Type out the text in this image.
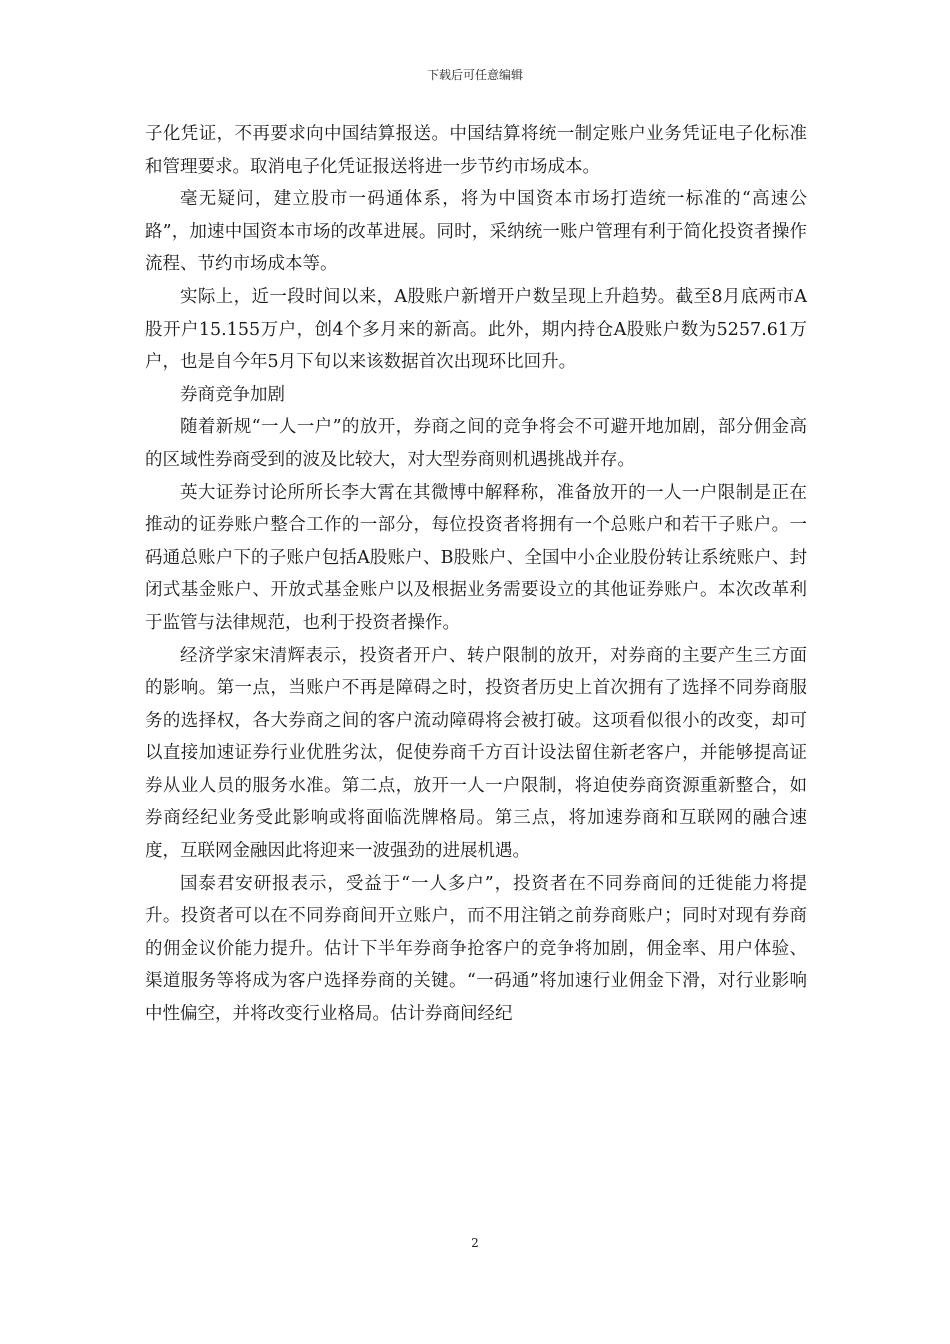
下载后可任意编辑

子化凭证，不再要求向中国结算报送。中国结算将统一制定账户业务凭证电子化标准和管理要求。取消电子化凭证报送将进一步节约市场成本。

毫无疑问，建立股市一码通体系，将为中国资本市场打造统一标准的“高速公路”，加速中国资本市场的改革进展。同时，采纳统一账户管理有利于简化投资者操作流程、节约市场成本等。

实际上，近一段时间以来，A股账户新增开户数呈现上升趋势。截至8月底两市A股开户15.155万户，创4个多月来的新高。此外，期内持仓A股账户数为5257.61万户，也是自今年5月下旬以来该数据首次出现环比回升。

券商竞争加剧

随着新规“一人一户”的放开，券商之间的竞争将会不可避开地加剧，部分佣金高的区域性券商受到的波及比较大，对大型券商则机遇挑战并存。

英大证券讨论所所长李大霄在其微博中解释称，准备放开的一人一户限制是正在推动的证券账户整合工作的一部分，每位投资者将拥有一个总账户和若干子账户。一码通总账户下的子账户包括A股账户、B股账户、全国中小企业股份转让系统账户、封闭式基金账户、开放式基金账户以及根据业务需要设立的其他证券账户。本次改革利于监管与法律规范，也利于投资者操作。

经济学家宋清辉表示，投资者开户、转户限制的放开，对券商的主要产生三方面的影响。第一点，当账户不再是障碍之时，投资者历史上首次拥有了选择不同券商服务的选择权，各大券商之间的客户流动障碍将会被打破。这项看似很小的改变，却可以直接加速证券行业优胜劣汰，促使券商千方百计设法留住新老客户，并能够提高证券从业人员的服务水准。第二点，放开一人一户限制，将迫使券商资源重新整合，如券商经纪业务受此影响或将面临洗牌格局。第三点，将加速券商和互联网的融合速度，互联网金融因此将迎来一波强劲的进展机遇。

国泰君安研报表示，受益于“一人多户”，投资者在不同券商间的迁徙能力将提升。投资者可以在不同券商间开立账户，而不用注销之前券商账户；同时对现有券商的佣金议价能力提升。估计下半年券商争抢客户的竞争将加剧，佣金率、用户体验、渠道服务等将成为客户选择券商的关键。“一码通”将加速行业佣金下滑，对行业影响中性偏空，并将改变行业格局。估计券商间经纪

2
